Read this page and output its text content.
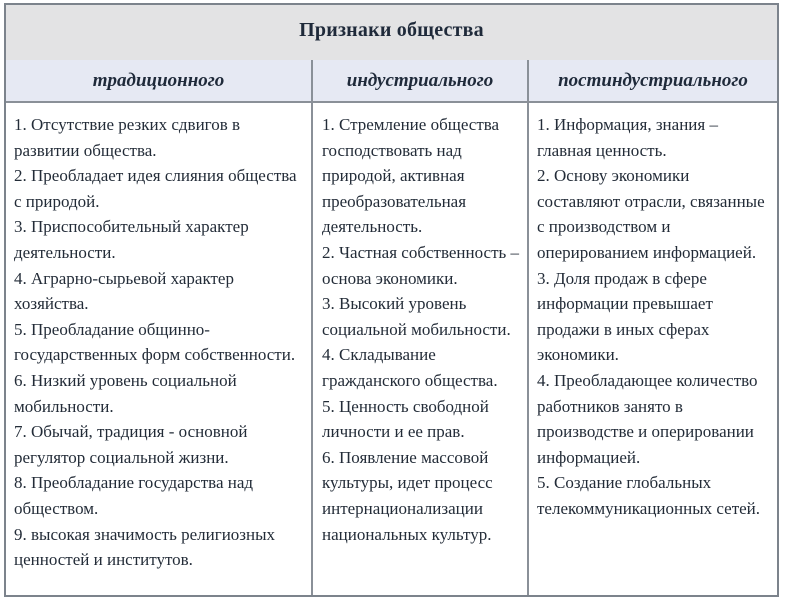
Признаки общества
традиционного	индустриального	постиндустриального
1. Отсутствие резких сдвигов в развитии общества.
2. Преобладает идея слияния общества с природой.
3. Приспособительный характер деятельности.
4. Аграрно-сырьевой характер хозяйства.
5. Преобладание общинно-государственных форм собственности.
6. Низкий уровень социальной мобильности.
7. Обычай, традиция - основной регулятор социальной жизни.
8. Преобладание государства над обществом.
9. высокая значимость религиозных ценностей и институтов.
1. Стремление общества господствовать над природой, активная преобразовательная деятельность.
2. Частная собственность – основа экономики.
3. Высокий уровень социальной мобильности.
4. Складывание гражданского общества.
5. Ценность свободной личности и ее прав.
6. Появление массовой культуры, идет процесс интернационализации национальных культур.
1. Информация, знания – главная ценность.
2. Основу экономики составляют отрасли, связанные с производством и оперированием информацией.
3. Доля продаж в сфере информации превышает продажи в иных сферах экономики.
4. Преобладающее количество работников занято в производстве и оперировании информацией.
5. Создание глобальных телекоммуникационных сетей.
